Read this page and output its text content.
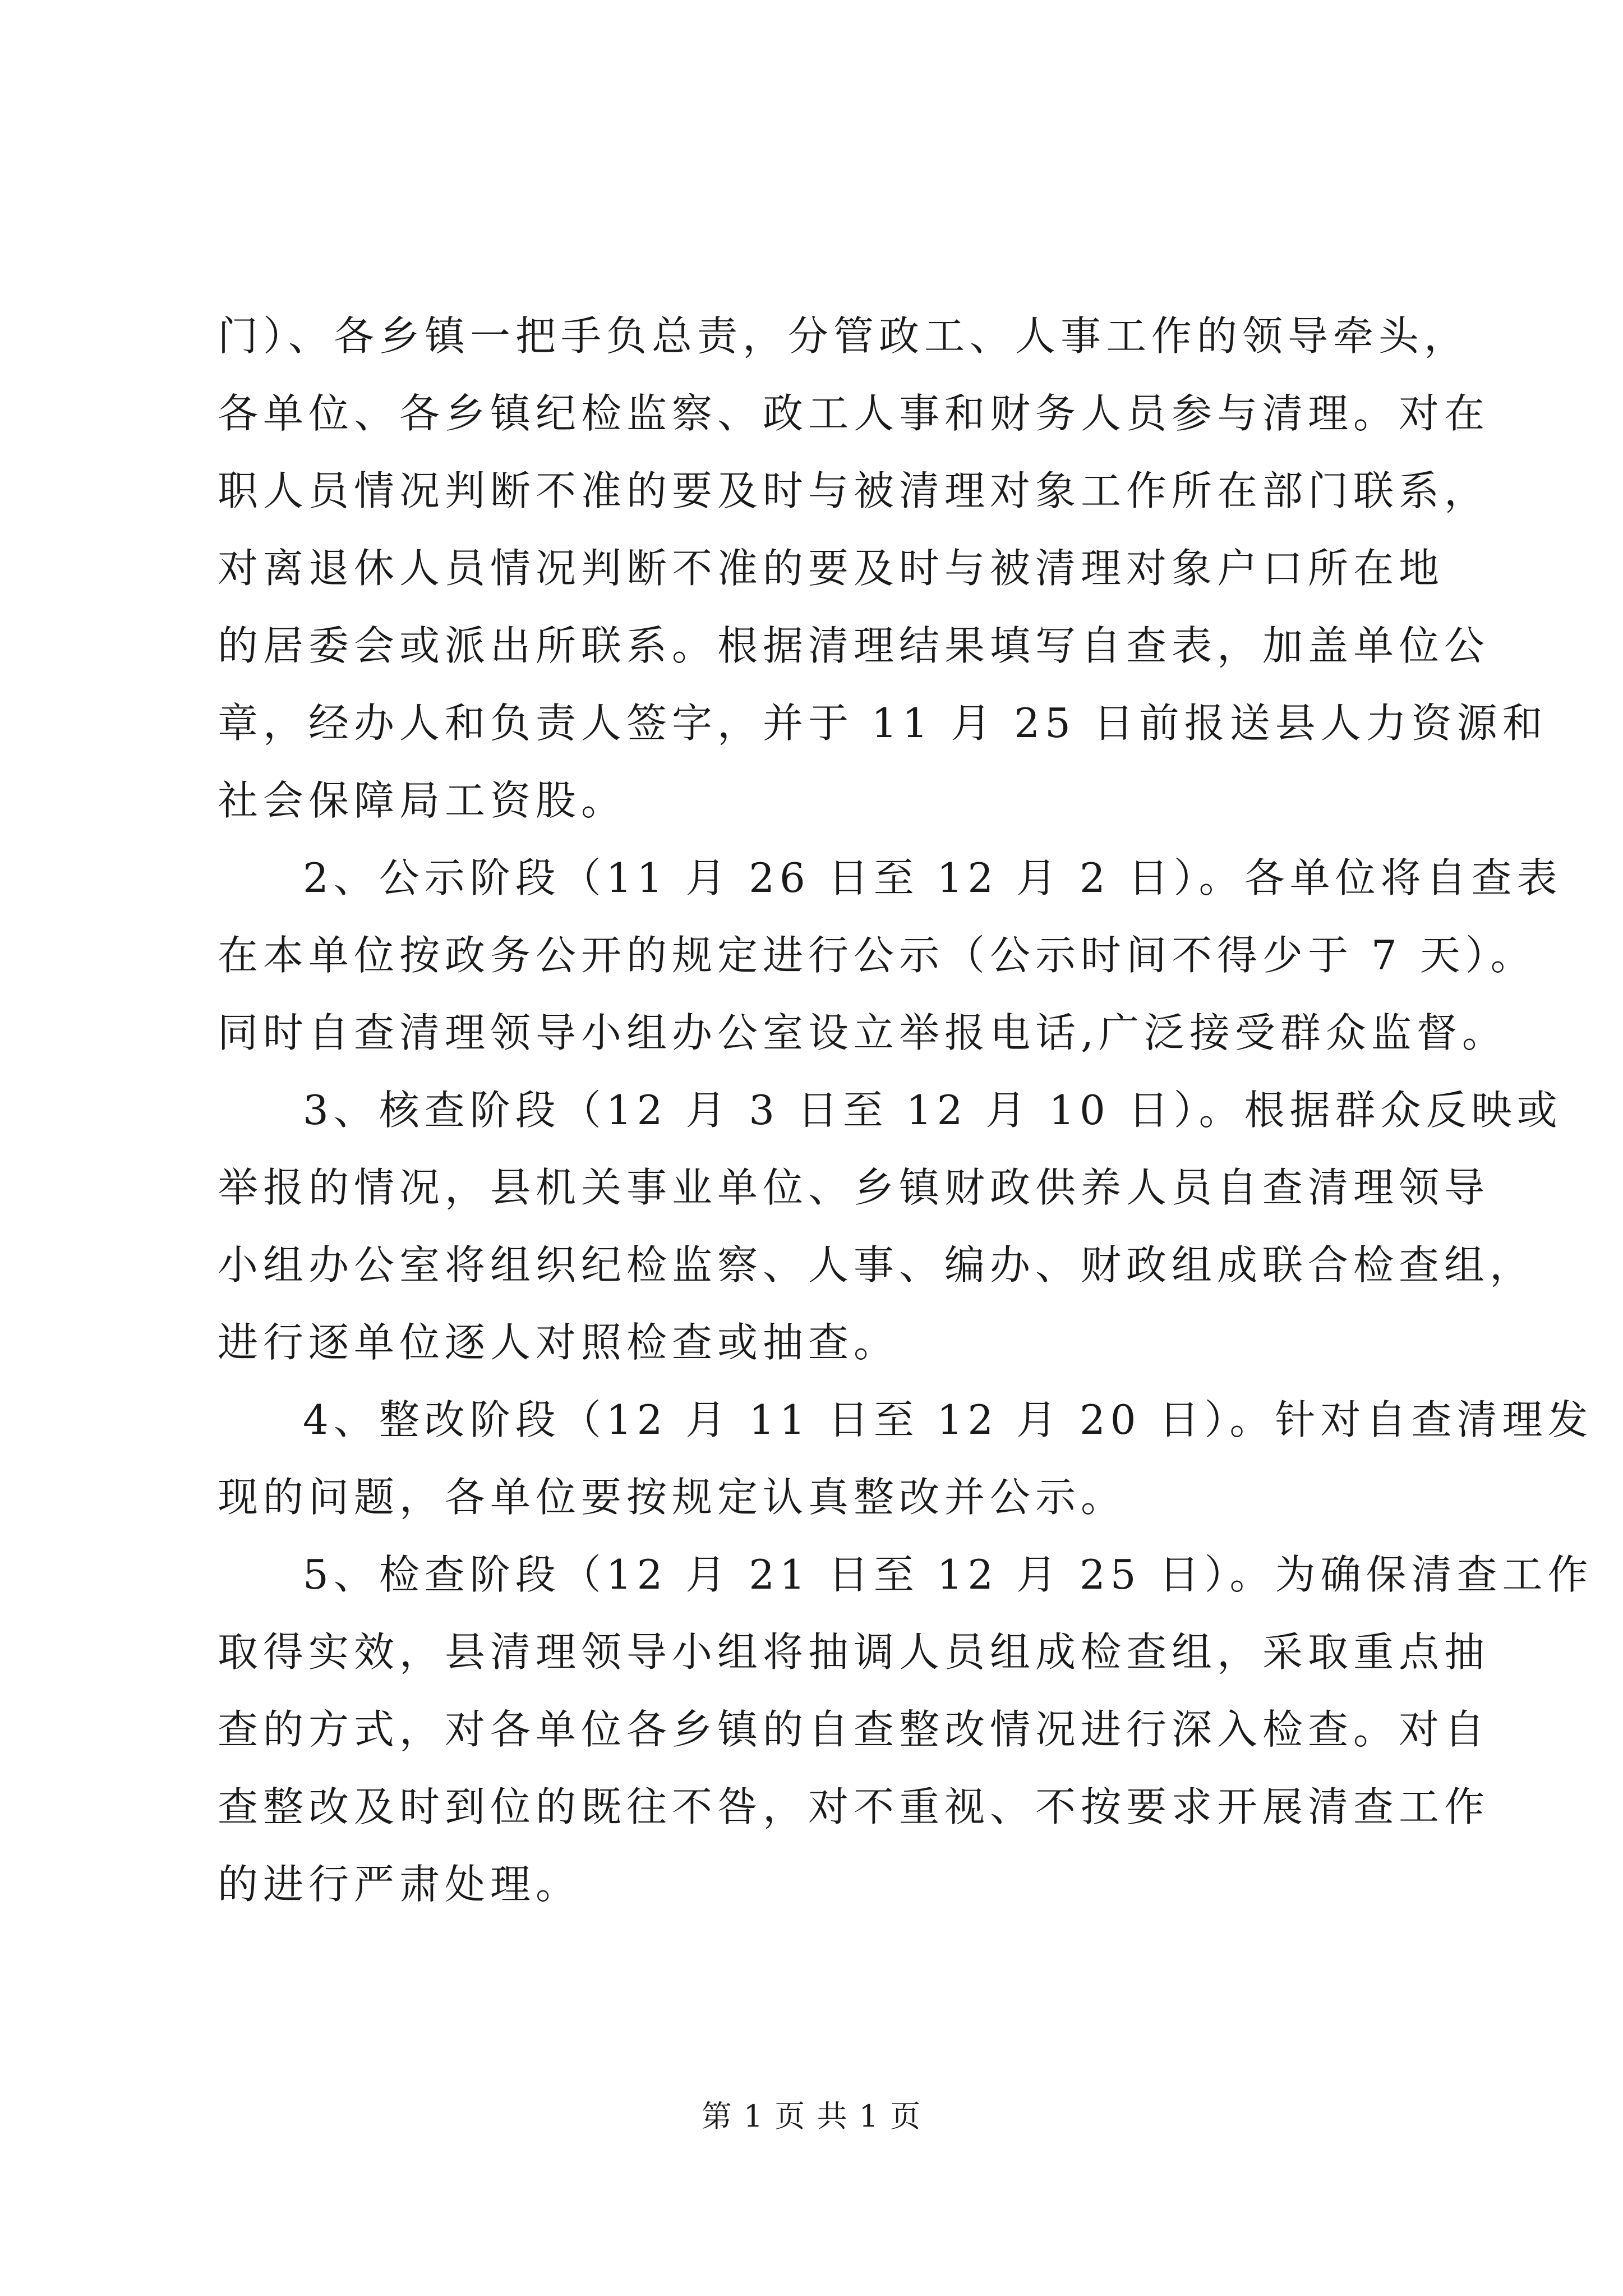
门）、各乡镇一把手负总责，分管政工、人事工作的领导牵头，

各单位、各乡镇纪检监察、政工人事和财务人员参与清理。对在

职人员情况判断不准的要及时与被清理对象工作所在部门联系，

对离退休人员情况判断不准的要及时与被清理对象户口所在地

的居委会或派出所联系。根据清理结果填写自查表，加盖单位公

章，经办人和负责人签字，并于 11 月 25 日前报送县人力资源和

社会保障局工资股。

2、公示阶段（11 月 26 日至 12 月 2 日）。各单位将自查表

在本单位按政务公开的规定进行公示（公示时间不得少于 7 天）。

同时自查清理领导小组办公室设立举报电话,广泛接受群众监督。

3、核查阶段（12 月 3 日至 12 月 10 日）。根据群众反映或

举报的情况，县机关事业单位、乡镇财政供养人员自查清理领导

小组办公室将组织纪检监察、人事、编办、财政组成联合检查组，

进行逐单位逐人对照检查或抽查。

4、整改阶段（12 月 11 日至 12 月 20 日）。针对自查清理发

现的问题，各单位要按规定认真整改并公示。

5、检查阶段（12 月 21 日至 12 月 25 日）。为确保清查工作

取得实效，县清理领导小组将抽调人员组成检查组，采取重点抽

查的方式，对各单位各乡镇的自查整改情况进行深入检查。对自

查整改及时到位的既往不咎，对不重视、不按要求开展清查工作

的进行严肃处理。

第 1 页 共 1 页
